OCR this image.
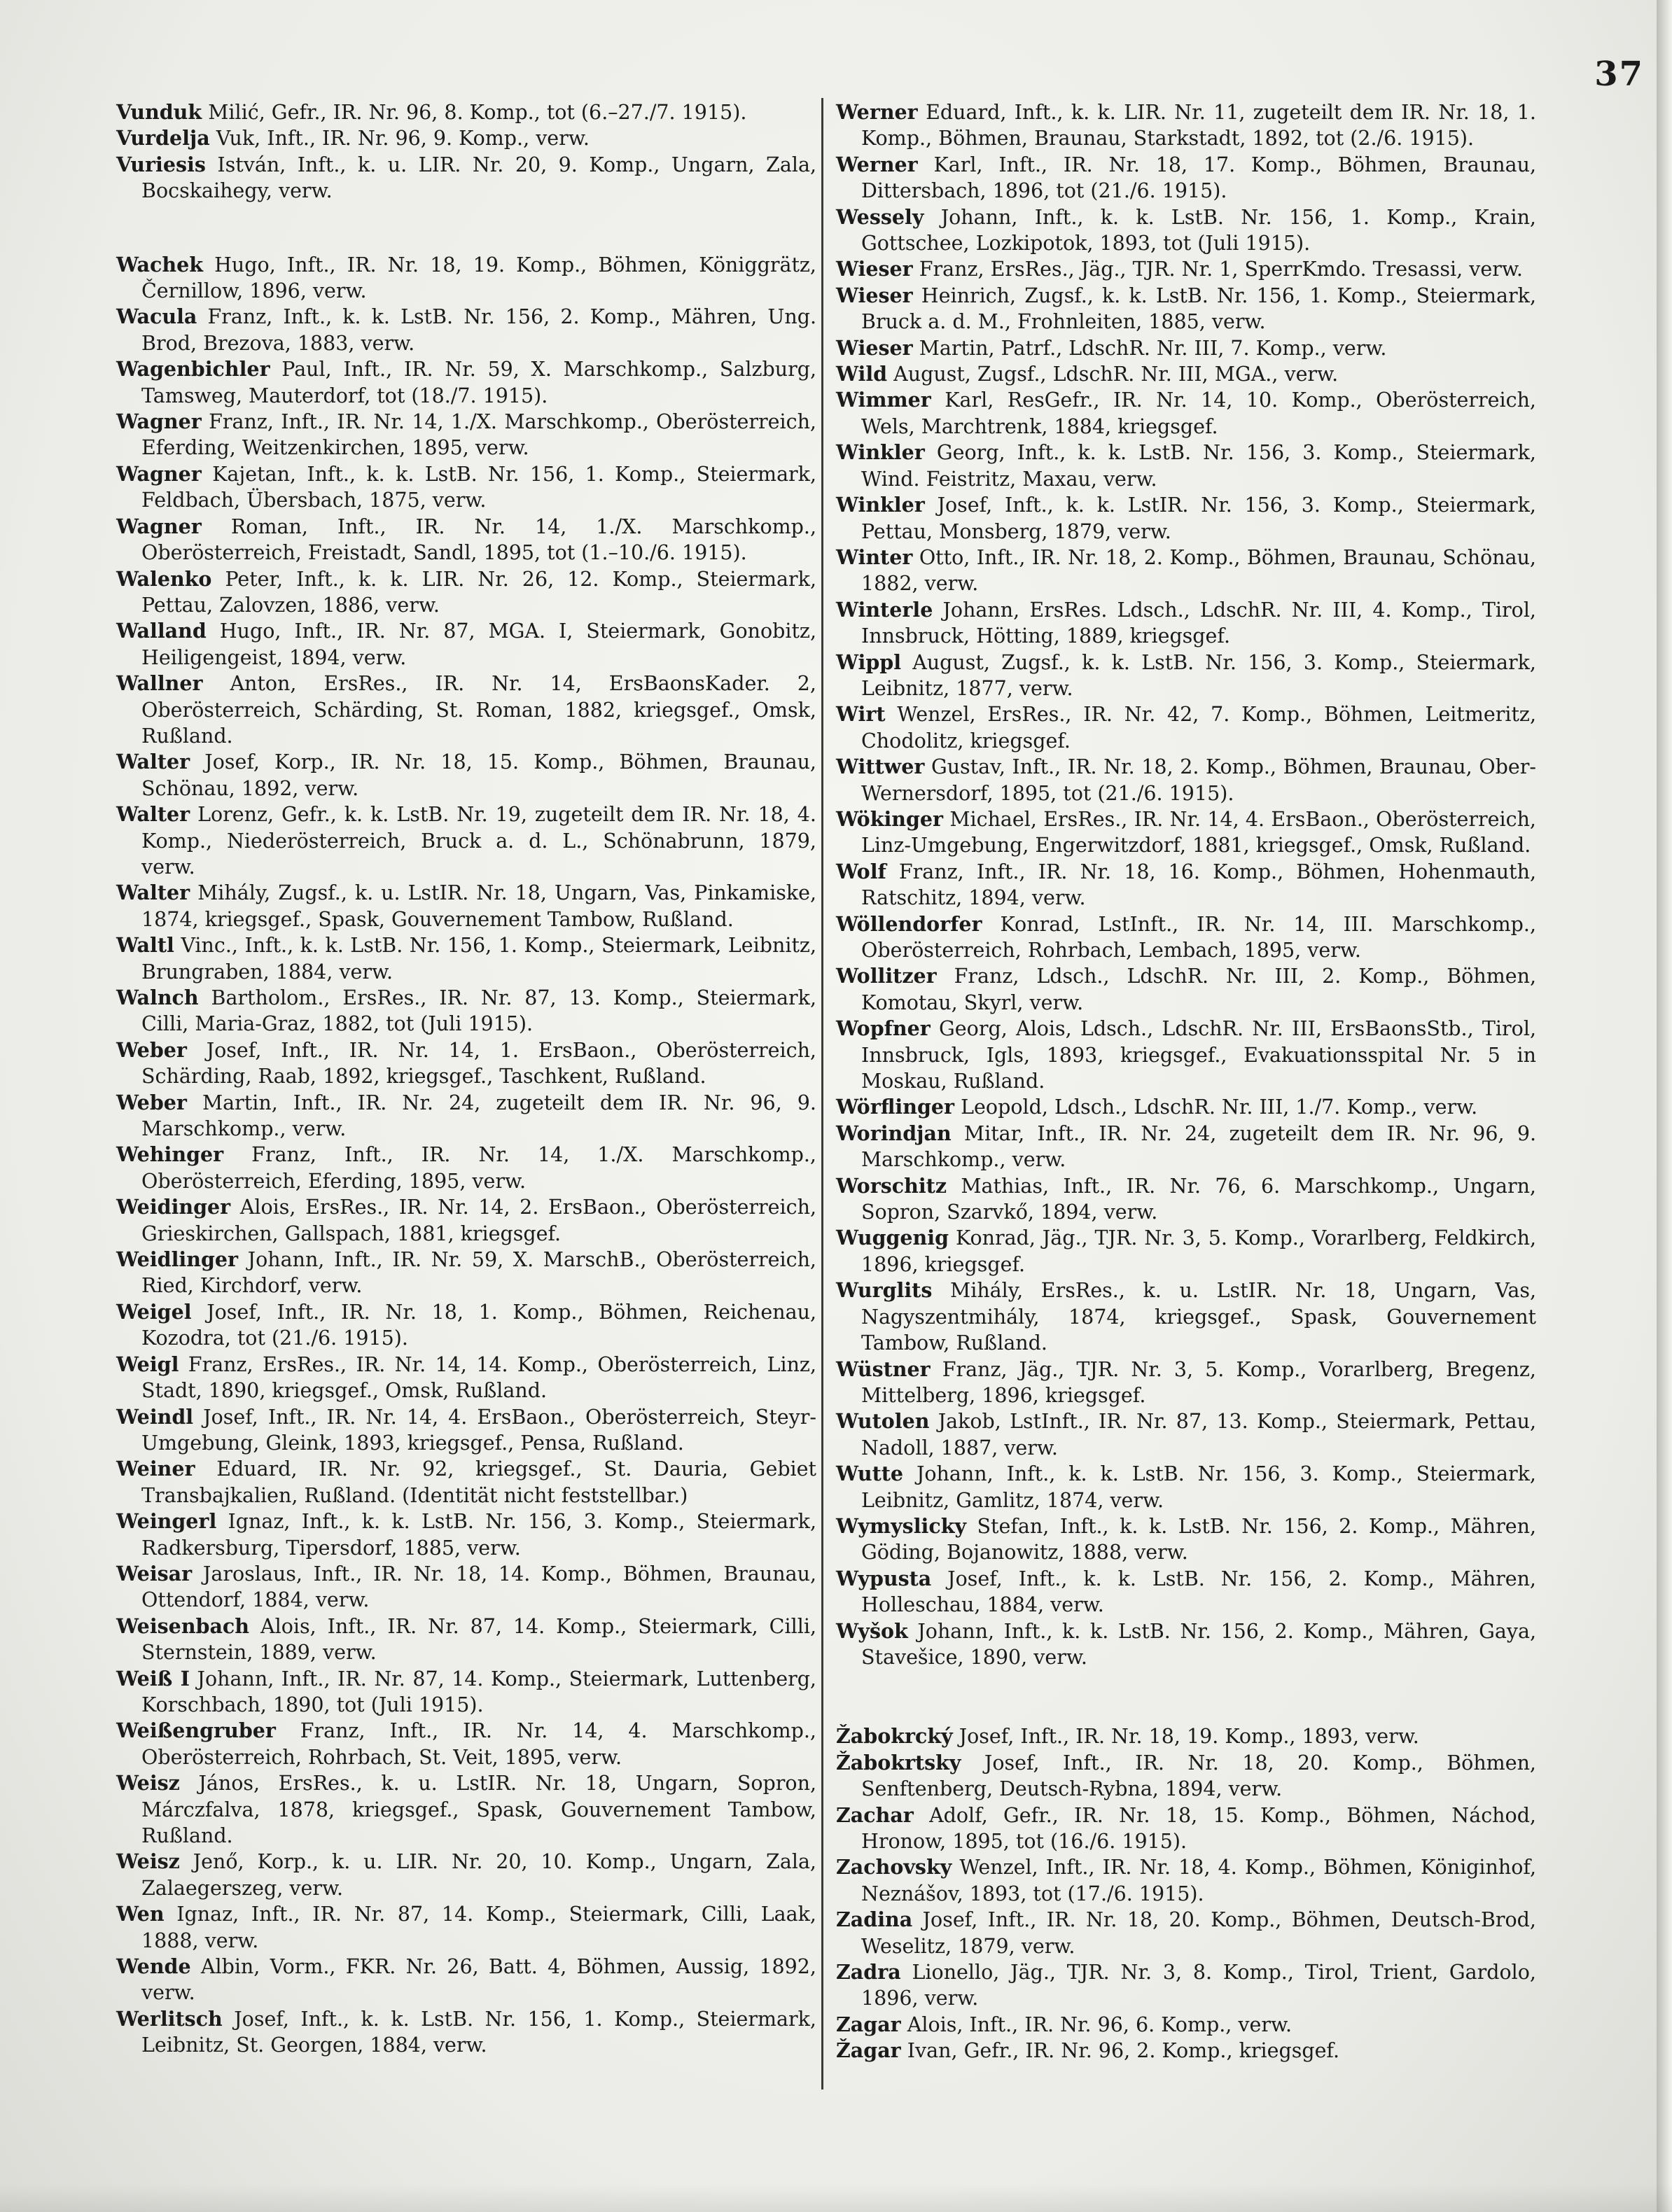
37

Vunduk Milić, Gefr., IR. Nr. 96, 8. Komp., tot (6.–27./7. 1915).

Vurdelja Vuk, Inft., IR. Nr. 96, 9. Komp., verw.

Vuriesis István, Inft., k. u. LIR. Nr. 20, 9. Komp., Ungarn, Zala, Bocskaihegy, verw.

Wachek Hugo, Inft., IR. Nr. 18, 19. Komp., Böhmen, Königgrätz, Černillow, 1896, verw.

Wacula Franz, Inft., k. k. LstB. Nr. 156, 2. Komp., Mähren, Ung. Brod, Brezova, 1883, verw.

Wagenbichler Paul, Inft., IR. Nr. 59, X. Marschkomp., Salzburg, Tamsweg, Mauterdorf, tot (18./7. 1915).

Wagner Franz, Inft., IR. Nr. 14, 1./X. Marschkomp., Oberösterreich, Eferding, Weitzenkirchen, 1895, verw.

Wagner Kajetan, Inft., k. k. LstB. Nr. 156, 1. Komp., Steiermark, Feldbach, Übersbach, 1875, verw.

Wagner Roman, Inft., IR. Nr. 14, 1./X. Marschkomp., Oberösterreich, Freistadt, Sandl, 1895, tot (1.–10./6. 1915).

Walenko Peter, Inft., k. k. LIR. Nr. 26, 12. Komp., Steiermark, Pettau, Zalovzen, 1886, verw.

Walland Hugo, Inft., IR. Nr. 87, MGA. I, Steiermark, Gonobitz, Heiligengeist, 1894, verw.

Wallner Anton, ErsRes., IR. Nr. 14, ErsBaonsKader. 2, Oberösterreich, Schärding, St. Roman, 1882, kriegsgef., Omsk, Rußland.

Walter Josef, Korp., IR. Nr. 18, 15. Komp., Böhmen, Braunau, Schönau, 1892, verw.

Walter Lorenz, Gefr., k. k. LstB. Nr. 19, zugeteilt dem IR. Nr. 18, 4. Komp., Niederösterreich, Bruck a. d. L., Schönabrunn, 1879, verw.

Walter Mihály, Zugsf., k. u. LstIR. Nr. 18, Ungarn, Vas, Pinkamiske, 1874, kriegsgef., Spask, Gouvernement Tambow, Rußland.

Waltl Vinc., Inft., k. k. LstB. Nr. 156, 1. Komp., Steiermark, Leibnitz, Brungraben, 1884, verw.

Walnch Bartholom., ErsRes., IR. Nr. 87, 13. Komp., Steiermark, Cilli, Maria-Graz, 1882, tot (Juli 1915).

Weber Josef, Inft., IR. Nr. 14, 1. ErsBaon., Oberösterreich, Schärding, Raab, 1892, kriegsgef., Taschkent, Rußland.

Weber Martin, Inft., IR. Nr. 24, zugeteilt dem IR. Nr. 96, 9. Marschkomp., verw.

Wehinger Franz, Inft., IR. Nr. 14, 1./X. Marschkomp., Oberösterreich, Eferding, 1895, verw.

Weidinger Alois, ErsRes., IR. Nr. 14, 2. ErsBaon., Oberösterreich, Grieskirchen, Gallspach, 1881, kriegsgef.

Weidlinger Johann, Inft., IR. Nr. 59, X. MarschB., Oberösterreich, Ried, Kirchdorf, verw.

Weigel Josef, Inft., IR. Nr. 18, 1. Komp., Böhmen, Reichenau, Kozodra, tot (21./6. 1915).

Weigl Franz, ErsRes., IR. Nr. 14, 14. Komp., Oberösterreich, Linz, Stadt, 1890, kriegsgef., Omsk, Rußland.

Weindl Josef, Inft., IR. Nr. 14, 4. ErsBaon., Oberösterreich, Steyr-Umgebung, Gleink, 1893, kriegsgef., Pensa, Rußland.

Weiner Eduard, IR. Nr. 92, kriegsgef., St. Dauria, Gebiet Transbajkalien, Rußland. (Identität nicht feststellbar.)

Weingerl Ignaz, Inft., k. k. LstB. Nr. 156, 3. Komp., Steiermark, Radkersburg, Tipersdorf, 1885, verw.

Weisar Jaroslaus, Inft., IR. Nr. 18, 14. Komp., Böhmen, Braunau, Ottendorf, 1884, verw.

Weisenbach Alois, Inft., IR. Nr. 87, 14. Komp., Steiermark, Cilli, Sternstein, 1889, verw.

Weiß I Johann, Inft., IR. Nr. 87, 14. Komp., Steiermark, Luttenberg, Korschbach, 1890, tot (Juli 1915).

Weißengruber Franz, Inft., IR. Nr. 14, 4. Marschkomp., Oberösterreich, Rohrbach, St. Veit, 1895, verw.

Weisz János, ErsRes., k. u. LstIR. Nr. 18, Ungarn, Sopron, Márczfalva, 1878, kriegsgef., Spask, Gouvernement Tambow, Rußland.

Weisz Jenő, Korp., k. u. LIR. Nr. 20, 10. Komp., Ungarn, Zala, Zalaegerszeg, verw.

Wen Ignaz, Inft., IR. Nr. 87, 14. Komp., Steiermark, Cilli, Laak, 1888, verw.

Wende Albin, Vorm., FKR. Nr. 26, Batt. 4, Böhmen, Aussig, 1892, verw.

Werlitsch Josef, Inft., k. k. LstB. Nr. 156, 1. Komp., Steiermark, Leibnitz, St. Georgen, 1884, verw.

Werner Eduard, Inft., k. k. LIR. Nr. 11, zugeteilt dem IR. Nr. 18, 1. Komp., Böhmen, Braunau, Starkstadt, 1892, tot (2./6. 1915).

Werner Karl, Inft., IR. Nr. 18, 17. Komp., Böhmen, Braunau, Dittersbach, 1896, tot (21./6. 1915).

Wessely Johann, Inft., k. k. LstB. Nr. 156, 1. Komp., Krain, Gottschee, Lozkipotok, 1893, tot (Juli 1915).

Wieser Franz, ErsRes., Jäg., TJR. Nr. 1, SperrKmdo. Tresassi, verw.

Wieser Heinrich, Zugsf., k. k. LstB. Nr. 156, 1. Komp., Steiermark, Bruck a. d. M., Frohnleiten, 1885, verw.

Wieser Martin, Patrf., LdschR. Nr. III, 7. Komp., verw.

Wild August, Zugsf., LdschR. Nr. III, MGA., verw.

Wimmer Karl, ResGefr., IR. Nr. 14, 10. Komp., Oberösterreich, Wels, Marchtrenk, 1884, kriegsgef.

Winkler Georg, Inft., k. k. LstB. Nr. 156, 3. Komp., Steiermark, Wind. Feistritz, Maxau, verw.

Winkler Josef, Inft., k. k. LstIR. Nr. 156, 3. Komp., Steiermark, Pettau, Monsberg, 1879, verw.

Winter Otto, Inft., IR. Nr. 18, 2. Komp., Böhmen, Braunau, Schönau, 1882, verw.

Winterle Johann, ErsRes. Ldsch., LdschR. Nr. III, 4. Komp., Tirol, Innsbruck, Hötting, 1889, kriegsgef.

Wippl August, Zugsf., k. k. LstB. Nr. 156, 3. Komp., Steiermark, Leibnitz, 1877, verw.

Wirt Wenzel, ErsRes., IR. Nr. 42, 7. Komp., Böhmen, Leitmeritz, Chodolitz, kriegsgef.

Wittwer Gustav, Inft., IR. Nr. 18, 2. Komp., Böhmen, Braunau, Ober-Wernersdorf, 1895, tot (21./6. 1915).

Wökinger Michael, ErsRes., IR. Nr. 14, 4. ErsBaon., Oberösterreich, Linz-Umgebung, Engerwitzdorf, 1881, kriegsgef., Omsk, Rußland.

Wolf Franz, Inft., IR. Nr. 18, 16. Komp., Böhmen, Hohenmauth, Ratschitz, 1894, verw.

Wöllendorfer Konrad, LstInft., IR. Nr. 14, III. Marschkomp., Oberösterreich, Rohrbach, Lembach, 1895, verw.

Wollitzer Franz, Ldsch., LdschR. Nr. III, 2. Komp., Böhmen, Komotau, Skyrl, verw.

Wopfner Georg, Alois, Ldsch., LdschR. Nr. III, ErsBaonsStb., Tirol, Innsbruck, Igls, 1893, kriegsgef., Evakuationsspital Nr. 5 in Moskau, Rußland.

Wörflinger Leopold, Ldsch., LdschR. Nr. III, 1./7. Komp., verw.

Worindjan Mitar, Inft., IR. Nr. 24, zugeteilt dem IR. Nr. 96, 9. Marschkomp., verw.

Worschitz Mathias, Inft., IR. Nr. 76, 6. Marschkomp., Ungarn, Sopron, Szarvkő, 1894, verw.

Wuggenig Konrad, Jäg., TJR. Nr. 3, 5. Komp., Vorarlberg, Feldkirch, 1896, kriegsgef.

Wurglits Mihály, ErsRes., k. u. LstIR. Nr. 18, Ungarn, Vas, Nagyszentmihály, 1874, kriegsgef., Spask, Gouvernement Tambow, Rußland.

Wüstner Franz, Jäg., TJR. Nr. 3, 5. Komp., Vorarlberg, Bregenz, Mittelberg, 1896, kriegsgef.

Wutolen Jakob, LstInft., IR. Nr. 87, 13. Komp., Steiermark, Pettau, Nadoll, 1887, verw.

Wutte Johann, Inft., k. k. LstB. Nr. 156, 3. Komp., Steiermark, Leibnitz, Gamlitz, 1874, verw.

Wymyslicky Stefan, Inft., k. k. LstB. Nr. 156, 2. Komp., Mähren, Göding, Bojanowitz, 1888, verw.

Wypusta Josef, Inft., k. k. LstB. Nr. 156, 2. Komp., Mähren, Holleschau, 1884, verw.

Wyšok Johann, Inft., k. k. LstB. Nr. 156, 2. Komp., Mähren, Gaya, Stavešice, 1890, verw.

Žabokrcký Josef, Inft., IR. Nr. 18, 19. Komp., 1893, verw.

Žabokrtsky Josef, Inft., IR. Nr. 18, 20. Komp., Böhmen, Senftenberg, Deutsch-Rybna, 1894, verw.

Zachar Adolf, Gefr., IR. Nr. 18, 15. Komp., Böhmen, Náchod, Hronow, 1895, tot (16./6. 1915).

Zachovsky Wenzel, Inft., IR. Nr. 18, 4. Komp., Böhmen, Königinhof, Neznášov, 1893, tot (17./6. 1915).

Zadina Josef, Inft., IR. Nr. 18, 20. Komp., Böhmen, Deutsch-Brod, Weselitz, 1879, verw.

Zadra Lionello, Jäg., TJR. Nr. 3, 8. Komp., Tirol, Trient, Gardolo, 1896, verw.

Zagar Alois, Inft., IR. Nr. 96, 6. Komp., verw.

Žagar Ivan, Gefr., IR. Nr. 96, 2. Komp., kriegsgef.
